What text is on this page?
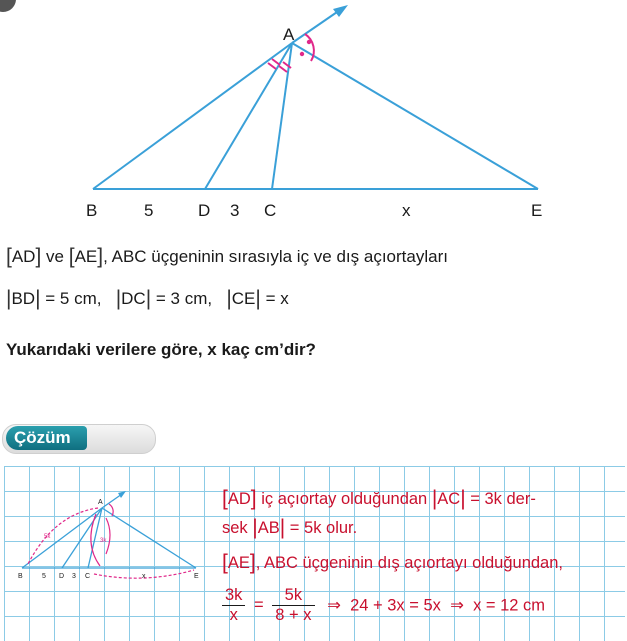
A
B	5	D 3 C	x	E
[AD] ve [AE], ABC üçgeninin sırasıyla iç ve dış açıortayları
|BD| = 5 cm,   |DC| = 3 cm,   |CE| = x
Yukarıdaki verilere göre, x kaç cm’dir?
Çözüm
A
B	5 D 3 C	x	E
5k
3k
[AD] iç açıortay olduğundan |AC| = 3k der-
sek |AB| = 5k olur.
[AE], ABC üçgeninin dış açıortayı olduğundan,
$\frac{3k}{x} = \frac{5k}{8 + x}$ ⇒  24 + 3x = 5x  ⇒  x = 12 cm
